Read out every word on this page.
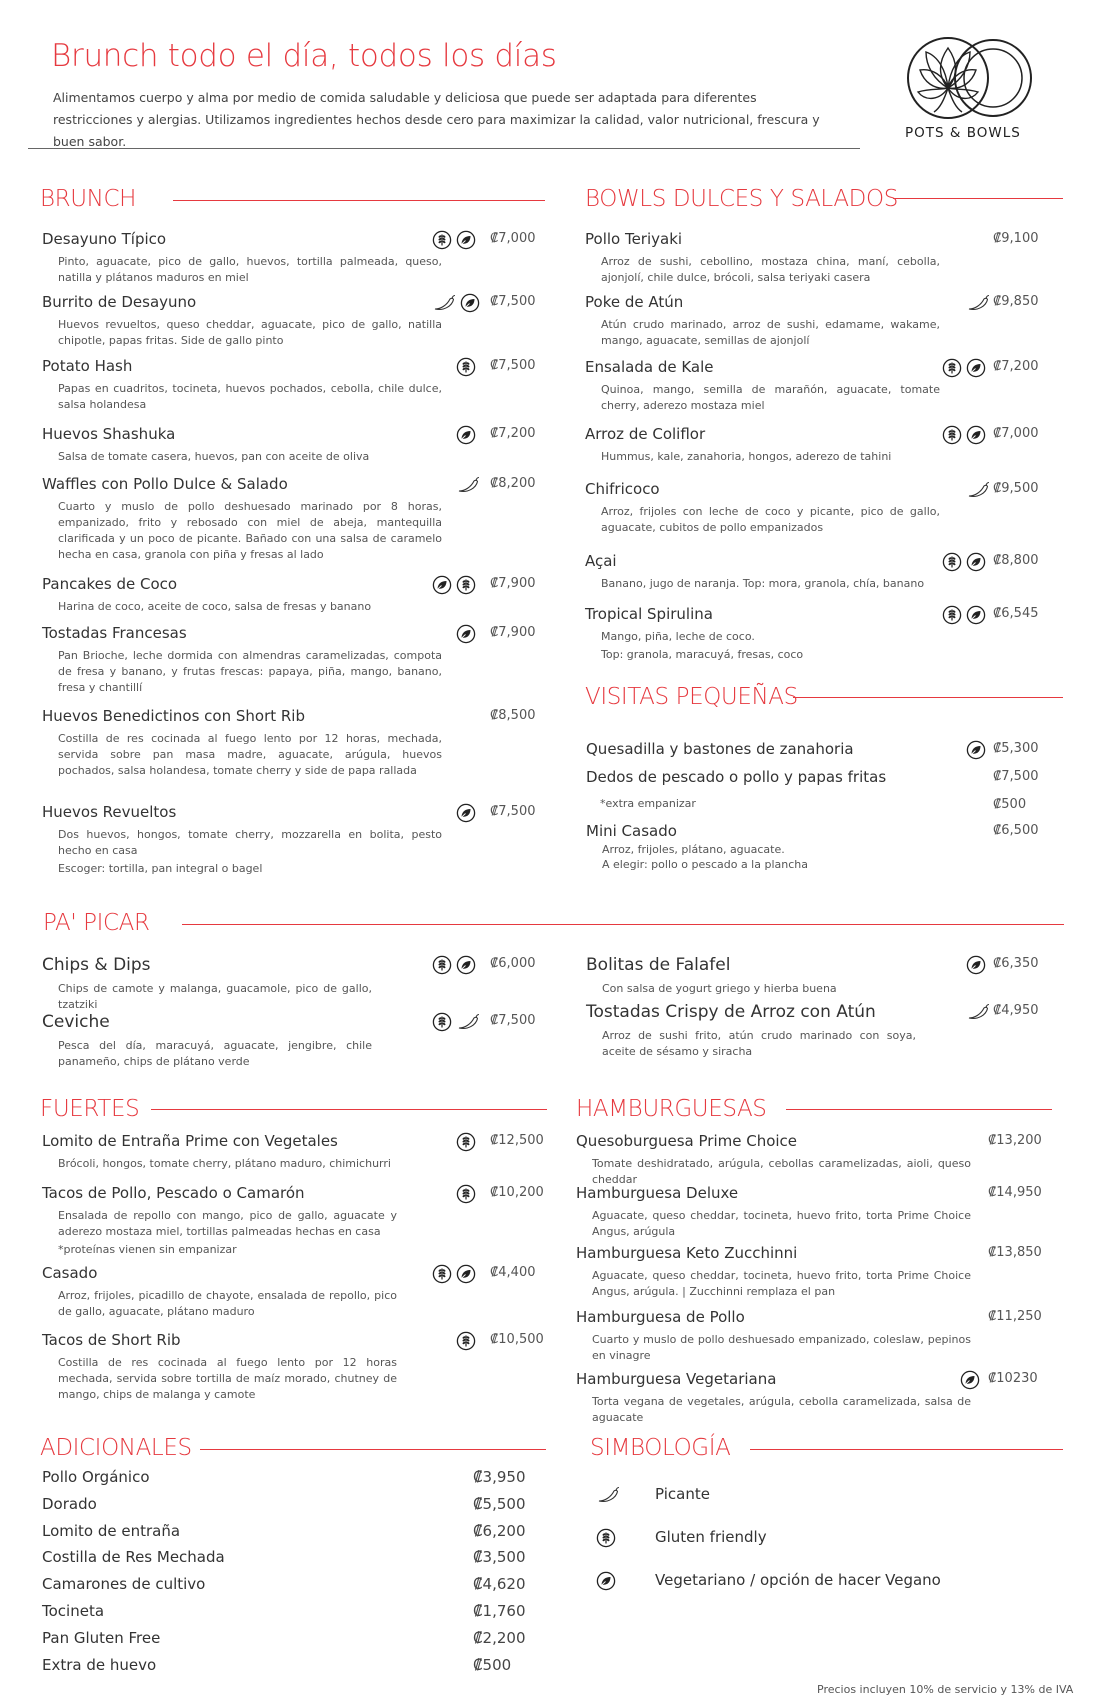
Brunch todo el día, todos los días
Alimentamos cuerpo y alma por medio de comida saludable y deliciosa que puede ser adaptada para diferentes restricciones y alergias. Utilizamos ingredientes hechos desde cero para maximizar la calidad, valor nutricional, frescura y buen sabor.
POTS & BOWLS
BRUNCH	BOWLS DULCES Y SALADOS
VISITAS PEQUEÑAS
PA' PICAR
FUERTES	HAMBURGUESAS
ADICIONALES	SIMBOLOGÍA
Desayuno Típico
Pinto, aguacate, pico de gallo, huevos, tortilla palmeada, queso, natilla y plátanos maduros en miel
₡7,000
Burrito de Desayuno
Huevos revueltos, queso cheddar, aguacate, pico de gallo, natilla chipotle, papas fritas. Side de gallo pinto
₡7,500
Potato Hash
Papas en cuadritos, tocineta, huevos pochados, cebolla, chile dulce, salsa holandesa
₡7,500
Huevos Shashuka
Salsa de tomate casera, huevos, pan con aceite de oliva
₡7,200
Waffles con Pollo Dulce & Salado
Cuarto y muslo de pollo deshuesado marinado por 8 horas, empanizado, frito y rebosado con miel de abeja, mantequilla clarificada y un poco de picante. Bañado con una salsa de caramelo hecha en casa, granola con piña y fresas al lado
₡8,200
Pancakes de Coco
Harina de coco, aceite de coco, salsa de fresas y banano
₡7,900
Tostadas Francesas
Pan Brioche, leche dormida con almendras caramelizadas, compota de fresa y banano, y frutas frescas: papaya, piña, mango, banano, fresa y chantillí
₡7,900
Huevos Benedictinos con Short Rib
Costilla de res cocinada al fuego lento por 12 horas, mechada, servida sobre pan masa madre, aguacate, arúgula, huevos pochados, salsa holandesa, tomate cherry y side de papa rallada
₡8,500
Huevos Revueltos
Dos huevos, hongos, tomate cherry, mozzarella en bolita, pesto hecho en casa
Escoger: tortilla, pan integral o bagel
₡7,500
Pollo Teriyaki
Arroz de sushi, cebollino, mostaza china, maní, cebolla, ajonjolí, chile dulce, brócoli, salsa teriyaki casera
₡9,100
Poke de Atún
Atún crudo marinado, arroz de sushi, edamame, wakame, mango, aguacate, semillas de ajonjolí
₡9,850
Ensalada de Kale
Quinoa, mango, semilla de marañón, aguacate, tomate cherry, aderezo mostaza miel
₡7,200
Arroz de Coliflor
Hummus, kale, zanahoria, hongos, aderezo de tahini
₡7,000
Chifricoco
Arroz, frijoles con leche de coco y picante, pico de gallo, aguacate, cubitos de pollo empanizados
₡9,500
Açai
Banano, jugo de naranja. Top: mora, granola, chía, banano
₡8,800
Tropical Spirulina
Mango, piña, leche de coco.
Top: granola, maracuyá, fresas, coco
₡6,545
Quesadilla y bastones de zanahoria	₡5,300
Dedos de pescado o pollo y papas fritas	₡7,500
*extra empanizar	₡500
Mini Casado
Arroz, frijoles, plátano, aguacate.
A elegir: pollo o pescado a la plancha
₡6,500
Chips & Dips
Chips de camote y malanga, guacamole, pico de gallo, tzatziki
₡6,000
Ceviche
Pesca del día, maracuyá, aguacate, jengibre, chile panameño, chips de plátano verde
₡7,500
Bolitas de Falafel
Con salsa de yogurt griego y hierba buena
₡6,350
Tostadas Crispy de Arroz con Atún
Arroz de sushi frito, atún crudo marinado con soya, aceite de sésamo y siracha
₡4,950
Lomito de Entraña Prime con Vegetales
Brócoli, hongos, tomate cherry, plátano maduro, chimichurri
₡12,500
Tacos de Pollo, Pescado o Camarón
Ensalada de repollo con mango, pico de gallo, aguacate y aderezo mostaza miel, tortillas palmeadas hechas en casa
*proteínas vienen sin empanizar
₡10,200
Casado
Arroz, frijoles, picadillo de chayote, ensalada de repollo, pico de gallo, aguacate, plátano maduro
₡4,400
Tacos de Short Rib
Costilla de res cocinada al fuego lento por 12 horas mechada, servida sobre tortilla de maíz morado, chutney de mango, chips de malanga y camote
₡10,500
Quesoburguesa Prime Choice
Tomate deshidratado, arúgula, cebollas caramelizadas, aioli, queso cheddar
₡13,200
Hamburguesa Deluxe
Aguacate, queso cheddar, tocineta, huevo frito, torta Prime Choice Angus, arúgula
₡14,950
Hamburguesa Keto Zucchinni
Aguacate, queso cheddar, tocineta, huevo frito, torta Prime Choice Angus, arúgula. | Zucchinni remplaza el pan
₡13,850
Hamburguesa de Pollo
Cuarto y muslo de pollo deshuesado empanizado, coleslaw, pepinos en vinagre
₡11,250
Hamburguesa Vegetariana
Torta vegana de vegetales, arúgula, cebolla caramelizada, salsa de aguacate
₡10230
Pollo Orgánico	₡3,950
Dorado	₡5,500
Lomito de entraña	₡6,200
Costilla de Res Mechada	₡3,500
Camarones de cultivo	₡4,620
Tocineta	₡1,760
Pan Gluten Free	₡2,200
Extra de huevo	₡500
Picante
Gluten friendly
Vegetariano / opción de hacer Vegano
Precios incluyen 10% de servicio y 13% de IVA
